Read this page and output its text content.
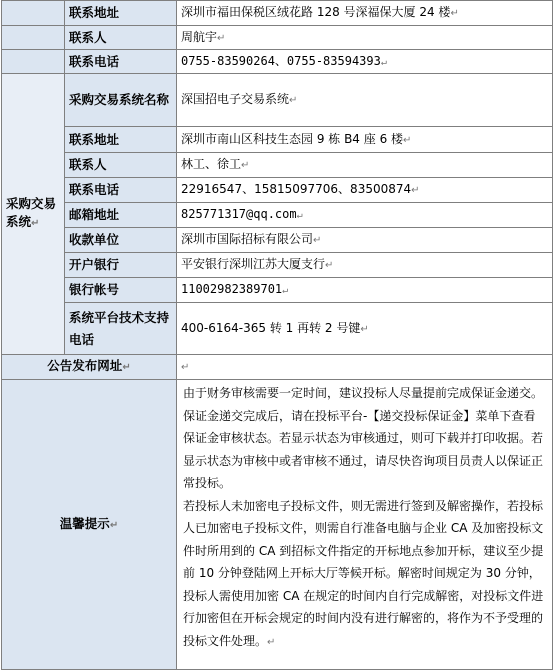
	联系地址	深圳市福田保税区绒花路 128 号深福保大厦 24 楼↵
	联系人	周航宇↵
	联系电话	0755-83590264、0755-83594393↵
采购交易系统↵	采购交易系统名称	深国招电子交易系统↵
	联系地址	深圳市南山区科技生态园 9 栋 B4 座 6 楼↵
	联系人	林工、徐工↵
	联系电话	22916547、15815097706、83500874↵
	邮箱地址	825771317@qq.com↵
	收款单位	深圳市国际招标有限公司↵
	开户银行	平安银行深圳江苏大厦支行↵
	银行帐号	11002982389701↵
	系统平台技术支持电话	400-6164-365 转 1 再转 2 号键↵
公告发布网址↵		↵
温馨提示↵		由于财务审核需要一定时间，建议投标人尽量提前完成保证金递交。保证金递交完成后，请在投标平台-【递交投标保证金】菜单下查看保证金审核状态。若显示状态为审核通过，则可下载并打印收据。若显示状态为审核中或者审核不通过，请尽快咨询项目员责人以保证正常投标。
若投标人未加密电子投标文件，则无需进行签到及解密操作，若投标人已加密电子投标文件，则需自行准备电脑与企业 CA 及加密投标文件时所用到的 CA 到招标文件指定的开标地点参加开标，建议至少提前 10 分钟登陆网上开标大厅等候开标。解密时间规定为 30 分钟，投标人需使用加密 CA 在规定的时间内自行完成解密，对投标文件进行加密但在开标会规定的时间内没有进行解密的，将作为不予受理的投标文件处理。↵
